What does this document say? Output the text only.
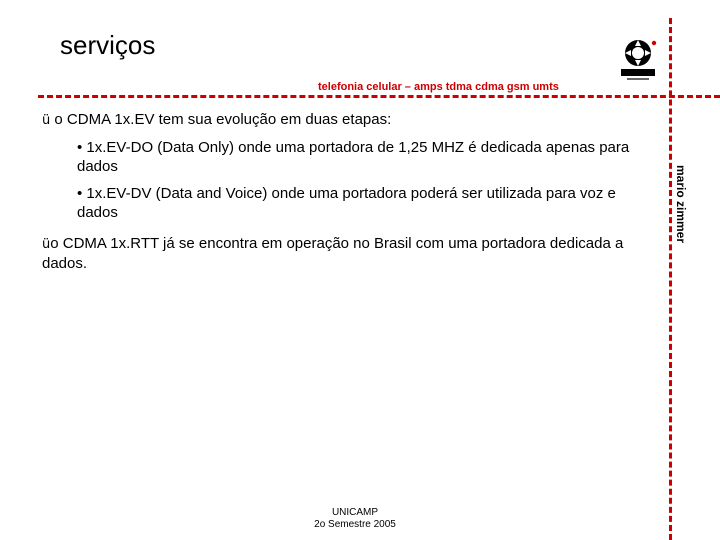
serviços
telefonia celular – amps tdma cdma gsm umts
mario zimmer
ü o CDMA 1x.EV tem sua evolução em duas etapas:
• 1x.EV-DO (Data Only) onde uma portadora de 1,25 MHZ é dedicada apenas para dados
• 1x.EV-DV (Data and Voice) onde uma portadora poderá ser utilizada para voz e dados
üo CDMA 1x.RTT já se encontra em operação no Brasil com uma portadora dedicada a dados.
UNICAMP
2o Semestre 2005
